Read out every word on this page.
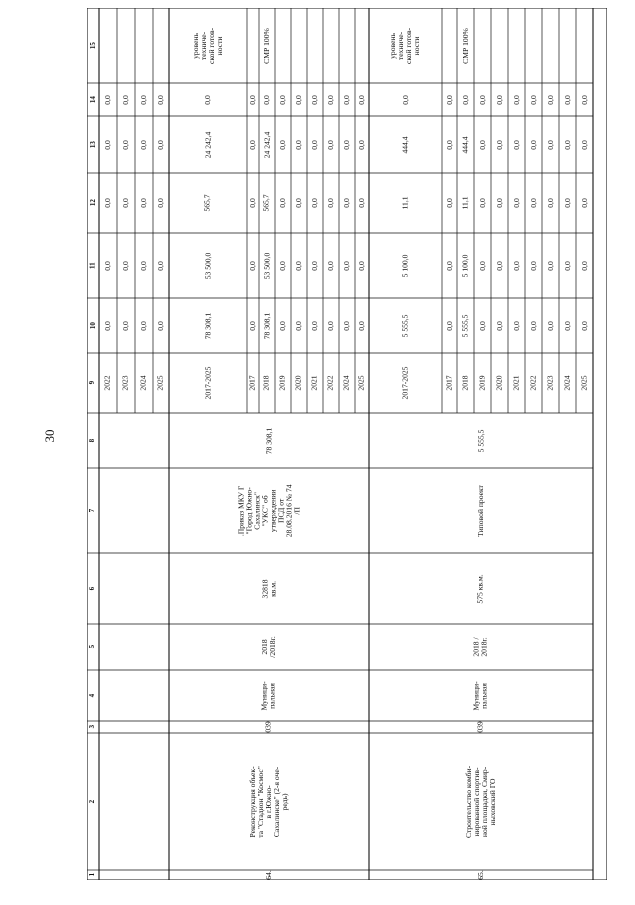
30
1
2
3
4
5
6
7
8
9
10
11
12
13
14
15
2022
0,0
0,0
0,0
0,0
0,0
2023
0,0
0,0
0,0
0,0
0,0
2024
0,0
0,0
0,0
0,0
0,0
2025
0,0
0,0
0,0
0,0
0,0
64.
Реконструкция объек-
та "Стадион "Космос"
в г.Южно-
Сахалинске" (2-я оче-
редь)
039
Муници-
пальная
2018
/2018г.
32818
кв.м.
.Приказ МКУ Г
"Город Южно-
Сахалинск"
"УКС" об
утверждении
ПСД от
28.08.2016 № 74
/П
78 308,1
2017-2025
78 308,1
53 500,0
565,7
24 242,4
0,0
уровень
техниче-
ской готов-
ности
2017
0,0
0,0
0,0
0,0
0,0
2018
78 308,1
53 500,0
565,7
24 242,4
0,0
СМР 100%
2019
0,0
0,0
0,0
0,0
0,0
2020
0,0
0,0
0,0
0,0
0,0
2021
0,0
0,0
0,0
0,0
0,0
2022
0,0
0,0
0,0
0,0
0,0
2024
0,0
0,0
0,0
0,0
0,0
2025
0,0
0,0
0,0
0,0
0,0
65.
Строительство комби-
нированной спортив-
ной площадки, Смир-
ныховский ГО
039
Муници-
пальная
2018 /
2018г.
575 кв.м.
Типовой проект
5 555,5
2017-2025
5 555,5
5 100,0
11,1
444,4
0,0
уровень
техниче-
ской готов-
ности
2017
0,0
0,0
0,0
0,0
0,0
2018
5 555,5
5 100,0
11,1
444,4
0,0
СМР 100%
2019
0,0
0,0
0,0
0,0
0,0
2020
0,0
0,0
0,0
0,0
0,0
2021
0,0
0,0
0,0
0,0
0,0
2022
0,0
0,0
0,0
0,0
0,0
2023
0,0
0,0
0,0
0,0
0,0
2024
0,0
0,0
0,0
0,0
0,0
2025
0,0
0,0
0,0
0,0
0,0
